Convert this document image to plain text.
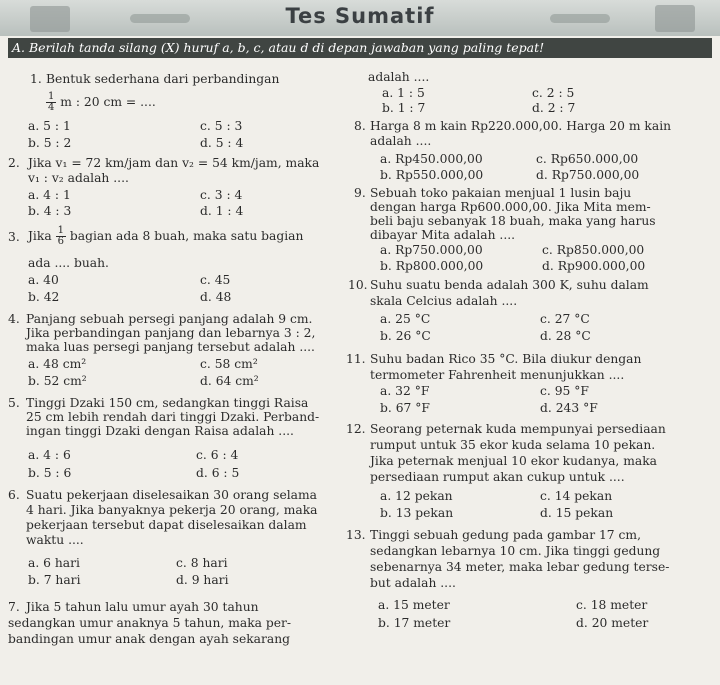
Tes Sumatif
A. Berilah tanda silang (X) huruf a, b, c, atau d di depan jawaban yang paling tepat!
1. Bentuk sederhana dari perbandingan
$\frac{1}{4}$ m : 20 cm = ....
a. 5 : 1
b. 5 : 2
c. 5 : 3
d. 5 : 4
2. Jika v₁ = 72 km/jam dan v₂ = 54 km/jam, maka
v₁ : v₂ adalah ....
a. 4 : 1
b. 4 : 3
c. 3 : 4
d. 1 : 4
3. Jika $\frac{1}{6}$ bagian ada 8 buah, maka satu bagian
ada .... buah.
a. 40
b. 42
c. 45
d. 48
4. Panjang sebuah persegi panjang adalah 9 cm.
Jika perbandingan panjang dan lebarnya 3 : 2,
maka luas persegi panjang tersebut adalah ....
a. 48 cm²
b. 52 cm²
c. 58 cm²
d. 64 cm²
5. Tinggi Dzaki 150 cm, sedangkan tinggi Raisa
25 cm lebih rendah dari tinggi Dzaki. Perband-
ingan tinggi Dzaki dengan Raisa adalah ....
a. 4 : 6
b. 5 : 6
c. 6 : 4
d. 6 : 5
6. Suatu pekerjaan diselesaikan 30 orang selama
4 hari. Jika banyaknya pekerja 20 orang, maka
pekerjaan tersebut dapat diselesaikan dalam
waktu ....
a. 6 hari
b. 7 hari
c. 8 hari
d. 9 hari
7. Jika 5 tahun lalu umur ayah 30 tahun
sedangkan umur anaknya 5 tahun, maka per-
bandingan umur anak dengan ayah sekarang
adalah ....
a. 1 : 5
b. 1 : 7
c. 2 : 5
d. 2 : 7
8. Harga 8 m kain Rp220.000,00. Harga 20 m kain
adalah ....
a. Rp450.000,00
b. Rp550.000,00
c. Rp650.000,00
d. Rp750.000,00
9. Sebuah toko pakaian menjual 1 lusin baju
dengan harga Rp600.000,00. Jika Mita mem-
beli baju sebanyak 18 buah, maka yang harus
dibayar Mita adalah ....
a. Rp750.000,00
b. Rp800.000,00
c. Rp850.000,00
d. Rp900.000,00
10. Suhu suatu benda adalah 300 K, suhu dalam
skala Celcius adalah ....
a. 25 °C
b. 26 °C
c. 27 °C
d. 28 °C
11. Suhu badan Rico 35 °C. Bila diukur dengan
termometer Fahrenheit menunjukkan ....
a. 32 °F
b. 67 °F
c. 95 °F
d. 243 °F
12. Seorang peternak kuda mempunyai persediaan
rumput untuk 35 ekor kuda selama 10 pekan.
Jika peternak menjual 10 ekor kudanya, maka
persediaan rumput akan cukup untuk ....
a. 12 pekan
b. 13 pekan
c. 14 pekan
d. 15 pekan
13. Tinggi sebuah gedung pada gambar 17 cm,
sedangkan lebarnya 10 cm. Jika tinggi gedung
sebenarnya 34 meter, maka lebar gedung terse-
but adalah ....
a. 15 meter
b. 17 meter
c. 18 meter
d. 20 meter
